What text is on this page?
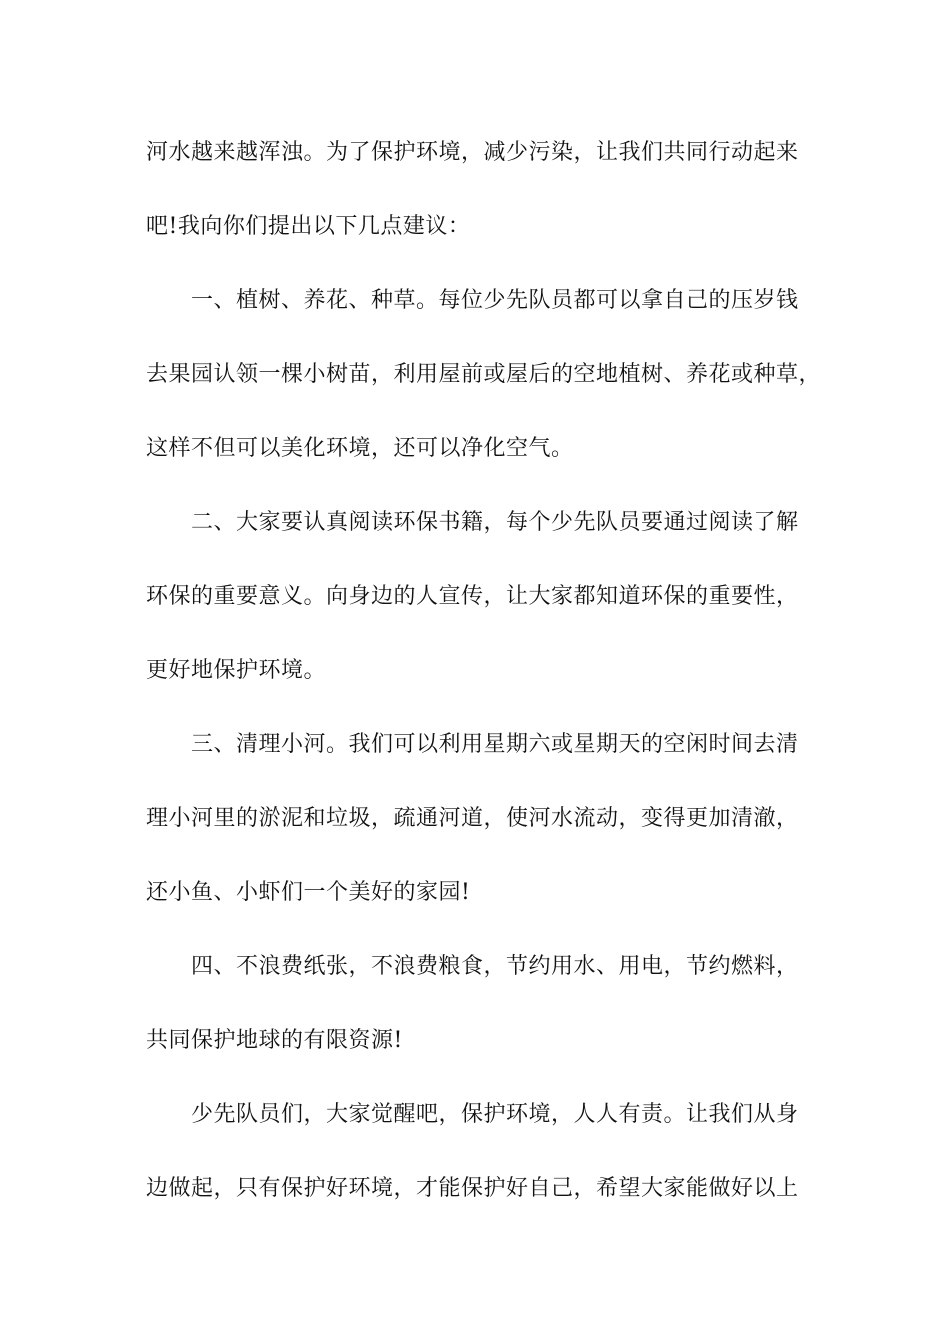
河水越来越浑浊。为了保护环境，减少污染，让我们共同行动起来
吧!我向你们提出以下几点建议：
一、植树、养花、种草。每位少先队员都可以拿自己的压岁钱
去果园认领一棵小树苗，利用屋前或屋后的空地植树、养花或种草，
这样不但可以美化环境，还可以净化空气。
二、大家要认真阅读环保书籍，每个少先队员要通过阅读了解
环保的重要意义。向身边的人宣传，让大家都知道环保的重要性，
更好地保护环境。
三、清理小河。我们可以利用星期六或星期天的空闲时间去清
理小河里的淤泥和垃圾，疏通河道，使河水流动，变得更加清澈，
还小鱼、小虾们一个美好的家园!
四、不浪费纸张，不浪费粮食，节约用水、用电，节约燃料，
共同保护地球的有限资源!
少先队员们，大家觉醒吧，保护环境，人人有责。让我们从身
边做起，只有保护好环境，才能保护好自己，希望大家能做好以上
